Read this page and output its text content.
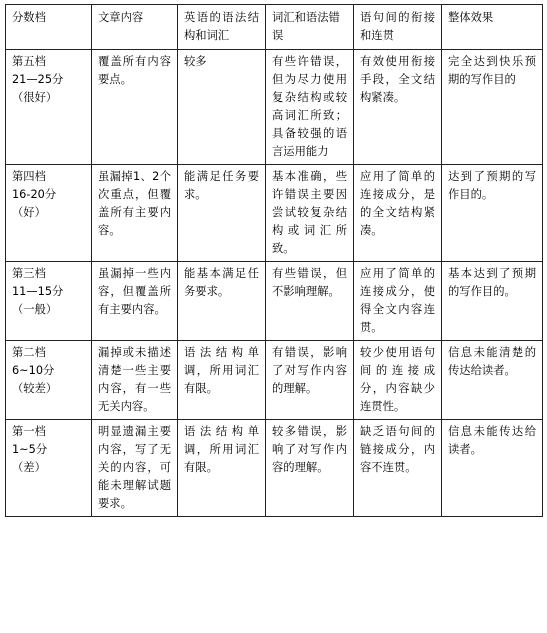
分数档	文章内容	英语的语法结构和词汇	词汇和语法错误	语句间的衔接和连贯	整体效果
第五档
21—25分
（很好）	覆盖所有内容要点。	较多	有些许错误，但为尽力使用复杂结构或较高词汇所致；具备较强的语言运用能力	有效使用衔接手段，全文结构紧凑。	完全达到快乐预期的写作目的
第四档
16-20分
（好）	虽漏掉1、2个次重点，但覆盖所有主要内容。	能满足任务要求。	基本准确，些许错误主要因尝试较复杂结构或词汇所致。	应用了简单的连接成分，是的全文结构紧凑。	达到了预期的写作目的。
第三档
11—15分
（一般）	虽漏掉一些内容，但覆盖所有主要内容。	能基本满足任务要求。	有些错误，但不影响理解。	应用了简单的连接成分，使得全文内容连贯。	基本达到了预期的写作目的。
第二档
6~10分
（较差）	漏掉或未描述清楚一些主要内容，有一些无关内容。	语法结构单调，所用词汇有限。	有错误，影响了对写作内容的理解。	较少使用语句间的连接成分，内容缺少连贯性。	信息未能清楚的传达给读者。
第一档
1~5分
（差）	明显遗漏主要内容，写了无关的内容，可能未理解试题要求。	语法结构单调，所用词汇有限。	较多错误，影响了对写作内容的理解。	缺乏语句间的链接成分，内容不连贯。	信息未能传达给读者。
